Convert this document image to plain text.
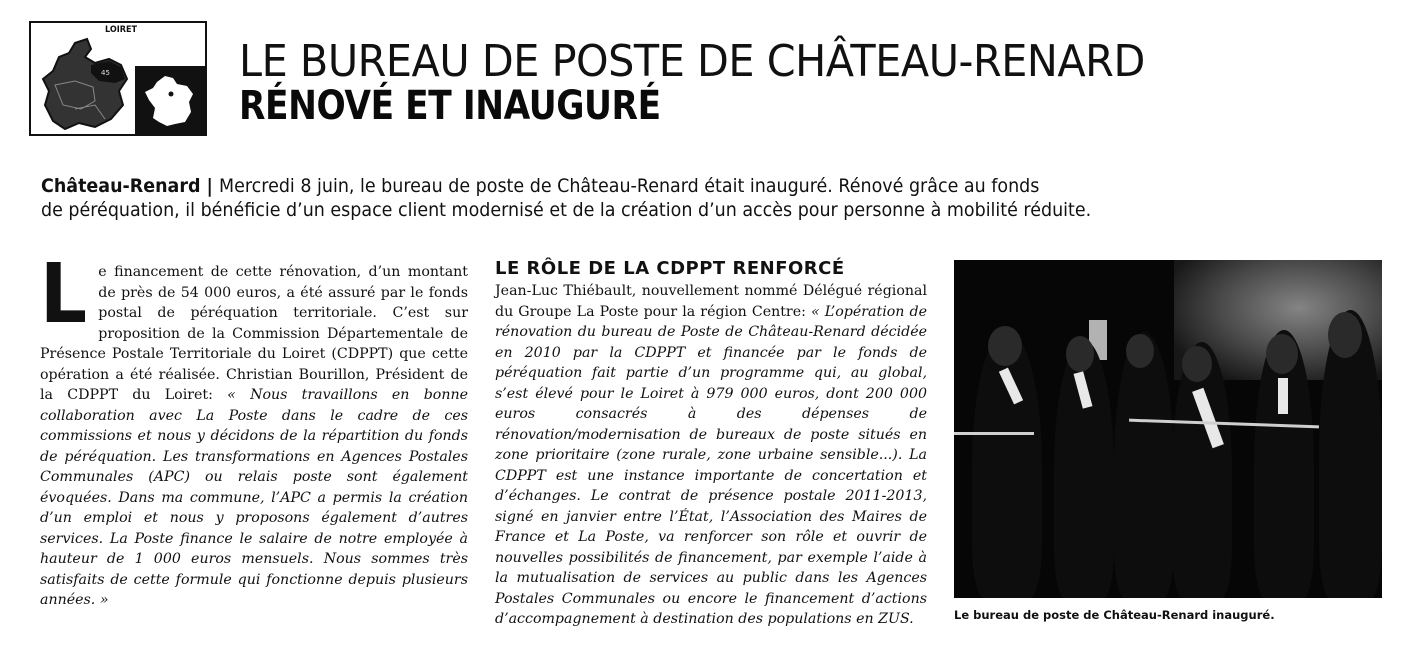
LOIRET
45	LE BUREAU DE POSTE DE CHÂTEAU-RENARD
RÉNOVÉ ET INAUGURÉ
Château-Renard | Mercredi 8 juin, le bureau de poste de Château-Renard était inauguré. Rénové grâce au fonds
de péréquation, il bénéficie d’un espace client modernisé et de la création d’un accès pour personne à mobilité réduite.

L e financement de cette rénovation, d’un montant de près de 54 000 euros, a été assuré par le fonds postal de péréquation territoriale. C’est sur proposition de la Commission Départementale de Présence Postale Territoriale du Loiret (CDPPT) que cette opération a été réalisée. Christian Bourillon, Président de la CDPPT du Loiret: « Nous travaillons en bonne collaboration avec La Poste dans le cadre de ces commissions et nous y décidons de la répartition du fonds de péréquation. Les transformations en Agences Postales Communales (APC) ou relais poste sont également évoquées. Dans ma commune, l’APC a permis la création d’un emploi et nous y proposons également d’autres services. La Poste finance le salaire de notre employée à hauteur de 1 000 euros mensuels. Nous sommes très satisfaits de cette formule qui fonctionne depuis plusieurs années. »

LE RÔLE DE LA CDPPT RENFORCÉ

Jean-Luc Thiébault, nouvellement nommé Délégué régional du Groupe La Poste pour la région Centre: « L’opération de rénovation du bureau de Poste de Château-Renard décidée en 2010 par la CDPPT et financée par le fonds de péréquation fait partie d’un programme qui, au global, s’est élevé pour le Loiret à 979 000 euros, dont 200 000 euros consacrés à des dépenses de rénovation/modernisation de bureaux de poste situés en zone prioritaire (zone rurale, zone urbaine sensible...). La CDPPT est une instance importante de concertation et d’échanges. Le contrat de présence postale 2011-2013, signé en janvier entre l’État, l’Association des Maires de France et La Poste, va renforcer son rôle et ouvrir de nouvelles possibilités de financement, par exemple l’aide à la mutualisation de services au public dans les Agences Postales Communales ou encore le financement d’actions d’accompagnement à destination des populations en ZUS.	Le bureau de poste de Château-Renard inauguré.
